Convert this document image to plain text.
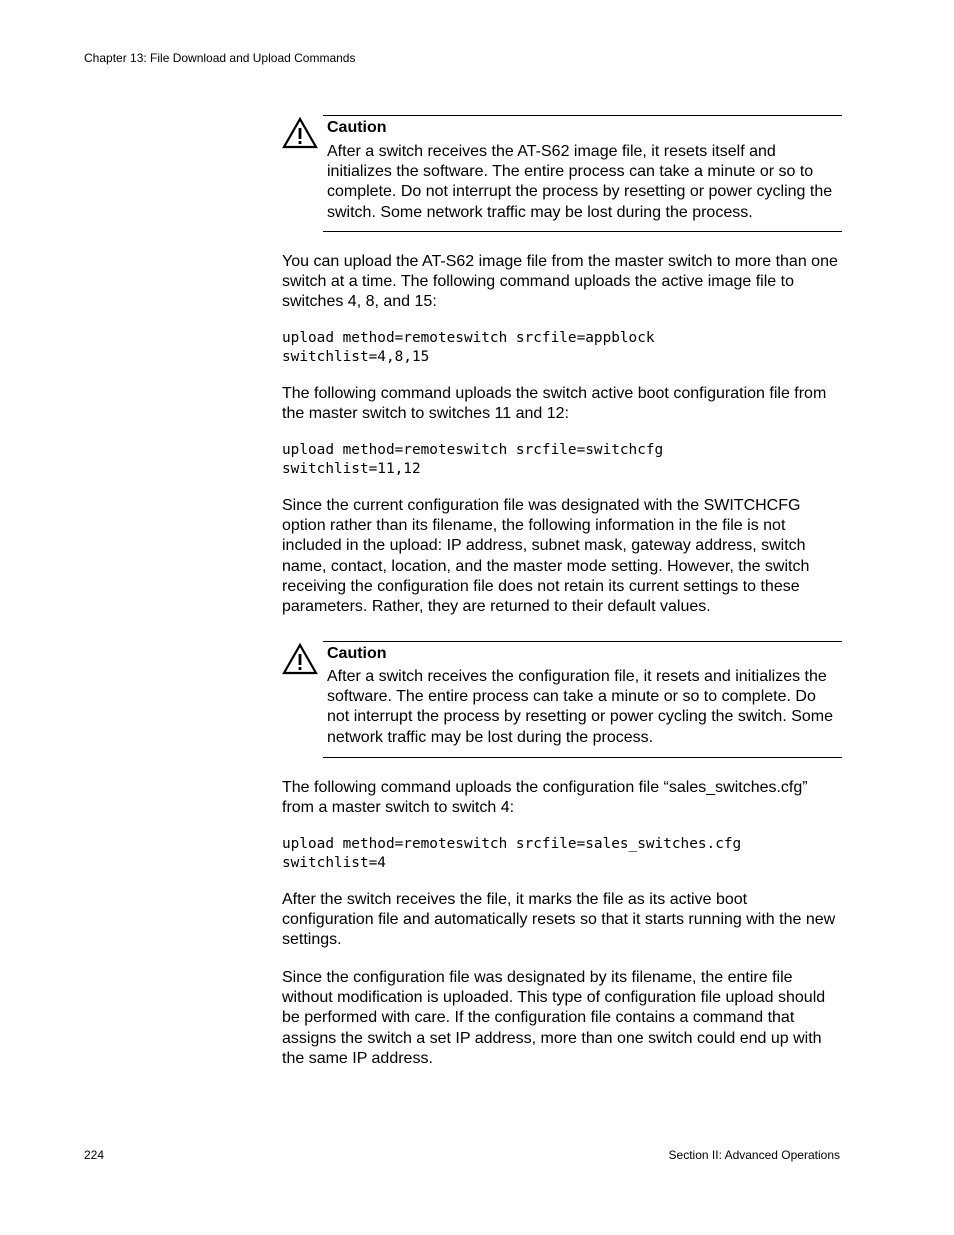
Chapter 13: File Download and Upload Commands
Caution
After a switch receives the AT-S62 image file, it resets itself and initializes the software. The entire process can take a minute or so to complete. Do not interrupt the process by resetting or power cycling the switch. Some network traffic may be lost during the process.
You can upload the AT-S62 image file from the master switch to more than one switch at a time. The following command uploads the active image file to switches 4, 8, and 15:
upload method=remoteswitch srcfile=appblock
switchlist=4,8,15
The following command uploads the switch active boot configuration file from the master switch to switches 11 and 12:
upload method=remoteswitch srcfile=switchcfg
switchlist=11,12
Since the current configuration file was designated with the SWITCHCFG option rather than its filename, the following information in the file is not included in the upload: IP address, subnet mask, gateway address, switch name, contact, location, and the master mode setting. However, the switch receiving the configuration file does not retain its current settings to these parameters. Rather, they are returned to their default values.
Caution
After a switch receives the configuration file, it resets and initializes the software. The entire process can take a minute or so to complete. Do not interrupt the process by resetting or power cycling the switch. Some network traffic may be lost during the process.
The following command uploads the configuration file “sales_switches.cfg” from a master switch to switch 4:
upload method=remoteswitch srcfile=sales_switches.cfg
switchlist=4
After the switch receives the file, it marks the file as its active boot configuration file and automatically resets so that it starts running with the new settings.
Since the configuration file was designated by its filename, the entire file without modification is uploaded. This type of configuration file upload should be performed with care. If the configuration file contains a command that assigns the switch a set IP address, more than one switch could end up with the same IP address.
224	Section II: Advanced Operations
